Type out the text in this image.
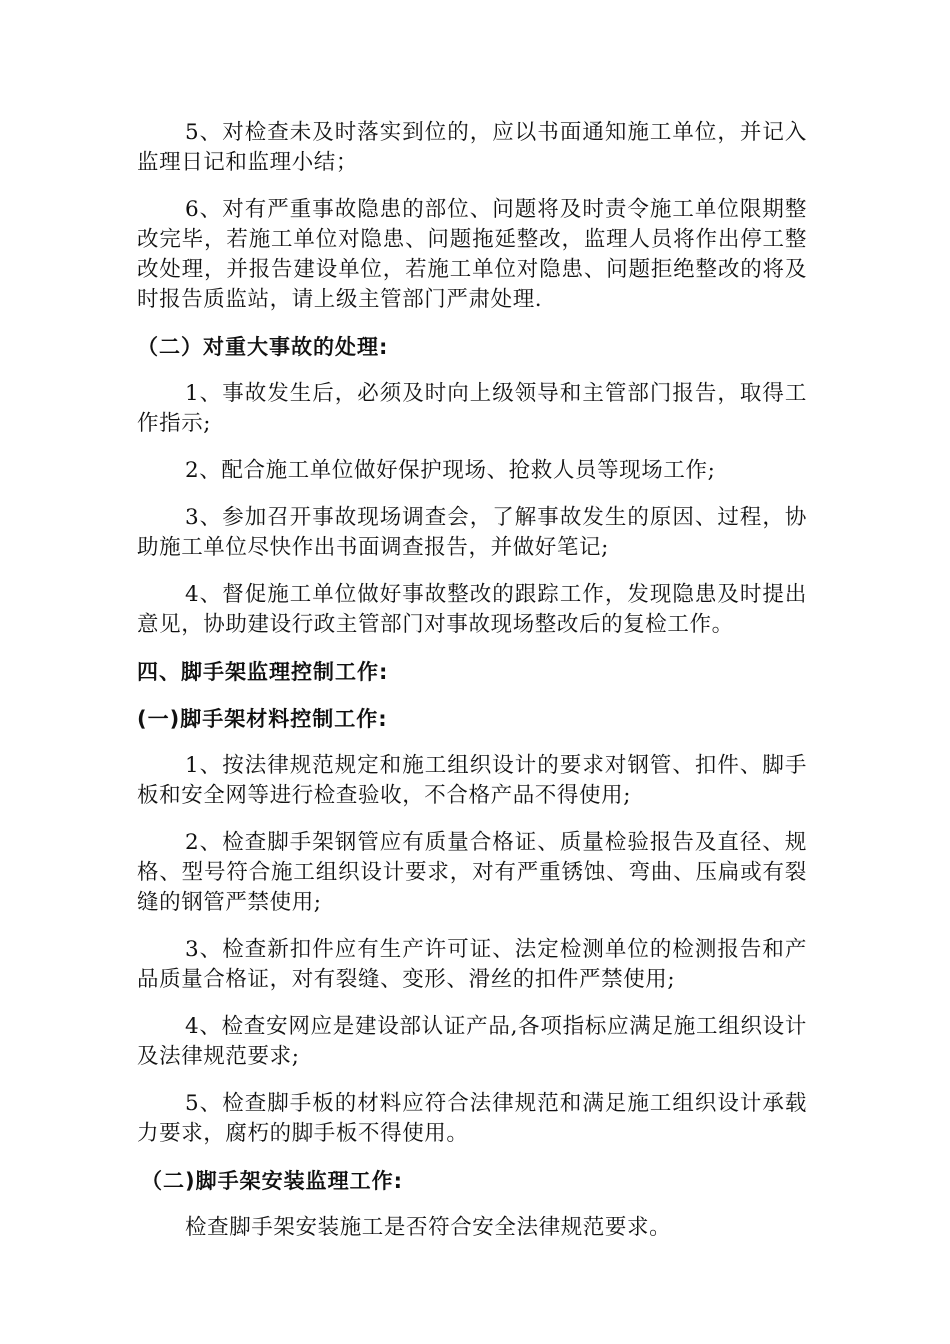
5、对检查未及时落实到位的，应以书面通知施工单位，并记入监理日记和监理小结；

6、对有严重事故隐患的部位、问题将及时责令施工单位限期整改完毕，若施工单位对隐患、问题拖延整改，监理人员将作出停工整改处理，并报告建设单位，若施工单位对隐患、问题拒绝整改的将及时报告质监站，请上级主管部门严肃处理.

（二）对重大事故的处理:

1、事故发生后，必须及时向上级领导和主管部门报告，取得工作指示;

2、配合施工单位做好保护现场、抢救人员等现场工作;

3、参加召开事故现场调查会，了解事故发生的原因、过程，协助施工单位尽快作出书面调查报告，并做好笔记;

4、督促施工单位做好事故整改的跟踪工作，发现隐患及时提出意见，协助建设行政主管部门对事故现场整改后的复检工作。

四、脚手架监理控制工作:

(一)脚手架材料控制工作:

1、按法律规范规定和施工组织设计的要求对钢管、扣件、脚手板和安全网等进行检查验收，不合格产品不得使用;

2、检查脚手架钢管应有质量合格证、质量检验报告及直径、规格、型号符合施工组织设计要求，对有严重锈蚀、弯曲、压扁或有裂缝的钢管严禁使用;

3、检查新扣件应有生产许可证、法定检测单位的检测报告和产品质量合格证，对有裂缝、变形、滑丝的扣件严禁使用;

4、检查安网应是建设部认证产品,各项指标应满足施工组织设计及法律规范要求;

5、检查脚手板的材料应符合法律规范和满足施工组织设计承载力要求，腐朽的脚手板不得使用。

（二)脚手架安装监理工作:

检查脚手架安装施工是否符合安全法律规范要求。
